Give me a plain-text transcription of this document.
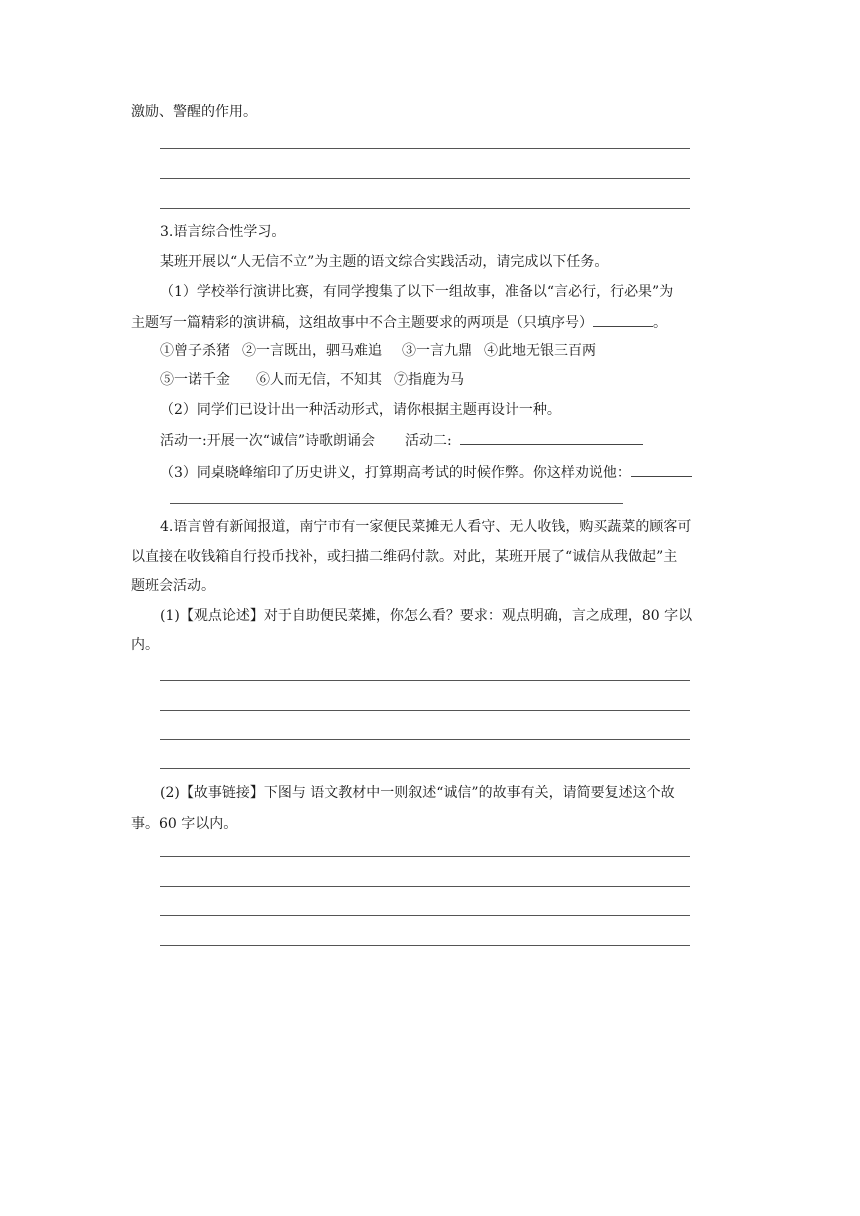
激励、警醒的作用。
3.语言综合性学习。
某班开展以“人无信不立”为主题的语文综合实践活动，请完成以下任务。
（1）学校举行演讲比赛，有同学搜集了以下一组故事，准备以“言必行，行必果”为
主题写一篇精彩的演讲稿，这组故事中不合主题要求的两项是（只填序号）	。
①曾子杀猪 ②一言既出，驷马难追 ③一言九鼎 ④此地无银三百两
⑤一诺千金 ⑥人而无信，不知其 ⑦指鹿为马
（2）同学们已设计出一种活动形式，请你根据主题再设计一种。
活动一:开展一次“诚信”诗歌朗诵会 活动二:
（3）同桌晓峰缩印了历史讲义，打算期高考试的时候作弊。你这样劝说他：
4.语言曾有新闻报道，南宁市有一家便民菜摊无人看守、无人收钱，购买蔬菜的顾客可
以直接在收钱箱自行投币找补，或扫描二维码付款。对此，某班开展了“诚信从我做起”主
题班会活动。
(1)【观点论述】对于自助便民菜摊，你怎么看？要求：观点明确，言之成理，80 字以
内。
(2)【故事链接】下图与 语文教材中一则叙述“诚信”的故事有关，请简要复述这个故
事。60 字以内。
